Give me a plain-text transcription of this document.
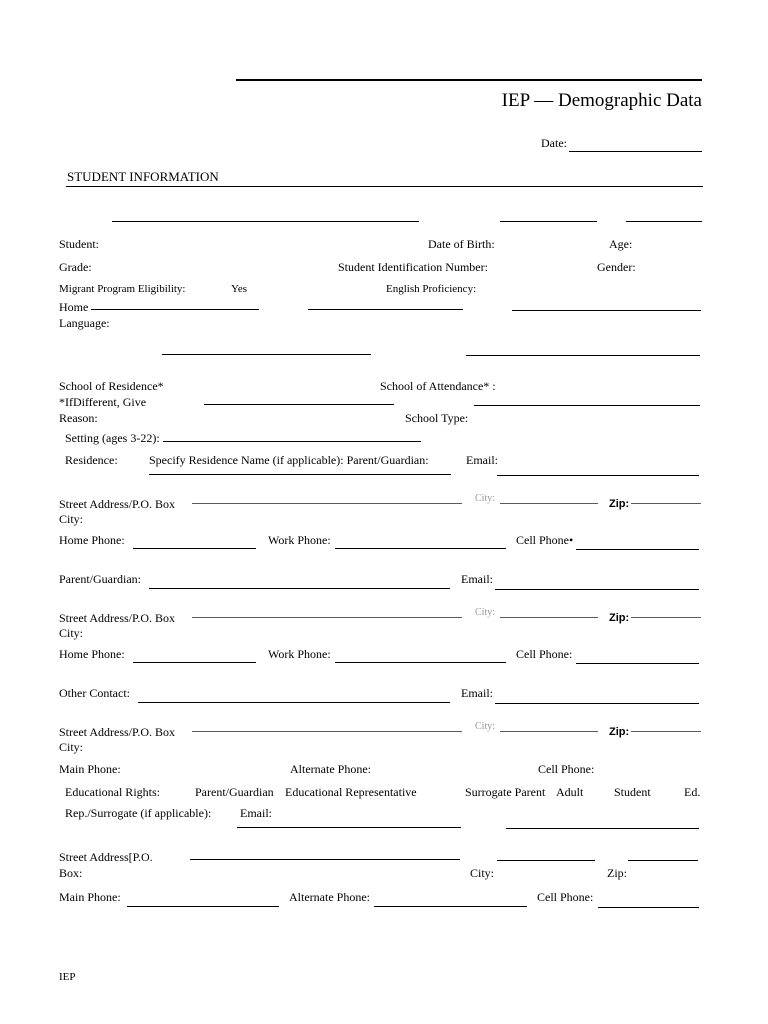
IEP — Demographic Data
Date:
STUDENT INFORMATION
Student:	Date of Birth:	Age:
Grade:	Student Identification Number:	Gender:
Migrant Program Eligibility:	Yes	English Proficiency:
Home
Language:
School of Residence*	School of Attendance* :
*IfDifferent, Give
Reason:	School Type:
Setting (ages 3-22):
Residence:	Specify Residence Name (if applicable): Parent/Guardian:	Email:
City:
Street Address/P.O. Box	Zip:
City:
Home Phone:	Work Phone:	Cell Phone•
Parent/Guardian:	Email:
City:
Street Address/P.O. Box	Zip:
City:
Home Phone:	Work Phone:	Cell Phone:
Other Contact:	Email:
City:
Street Address/P.O. Box	Zip:
City:
Main Phone:	Alternate Phone:	Cell Phone:
Educational Rights:	Parent/Guardian Educational Representative	Surrogate Parent Adult	Student	Ed.
Rep./Surrogate (if applicable): Email:
Street Address[P.O.
Box:	City:	Zip:
Main Phone:	Alternate Phone:	Cell Phone:
IEP
